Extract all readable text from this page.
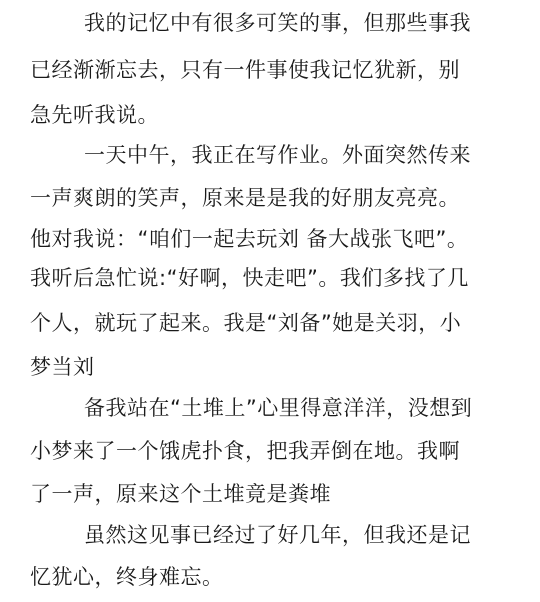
我的记忆中有很多可笑的事，但那些事我
已经渐渐忘去，只有一件事使我记忆犹新，别
急先听我说。
一天中午，我正在写作业。外面突然传来
一声爽朗的笑声，原来是是我的好朋友亮亮。
他对我说：“咱们一起去玩刘 备大战张飞吧”。
我听后急忙说:“好啊，快走吧”。我们多找了几
个人，就玩了起来。我是“刘备”她是关羽，小
梦当刘
备我站在“土堆上”心里得意洋洋，没想到
小梦来了一个饿虎扑食，把我弄倒在地。我啊
了一声，原来这个土堆竟是粪堆
虽然这见事已经过了好几年，但我还是记
忆犹心，终身难忘。
